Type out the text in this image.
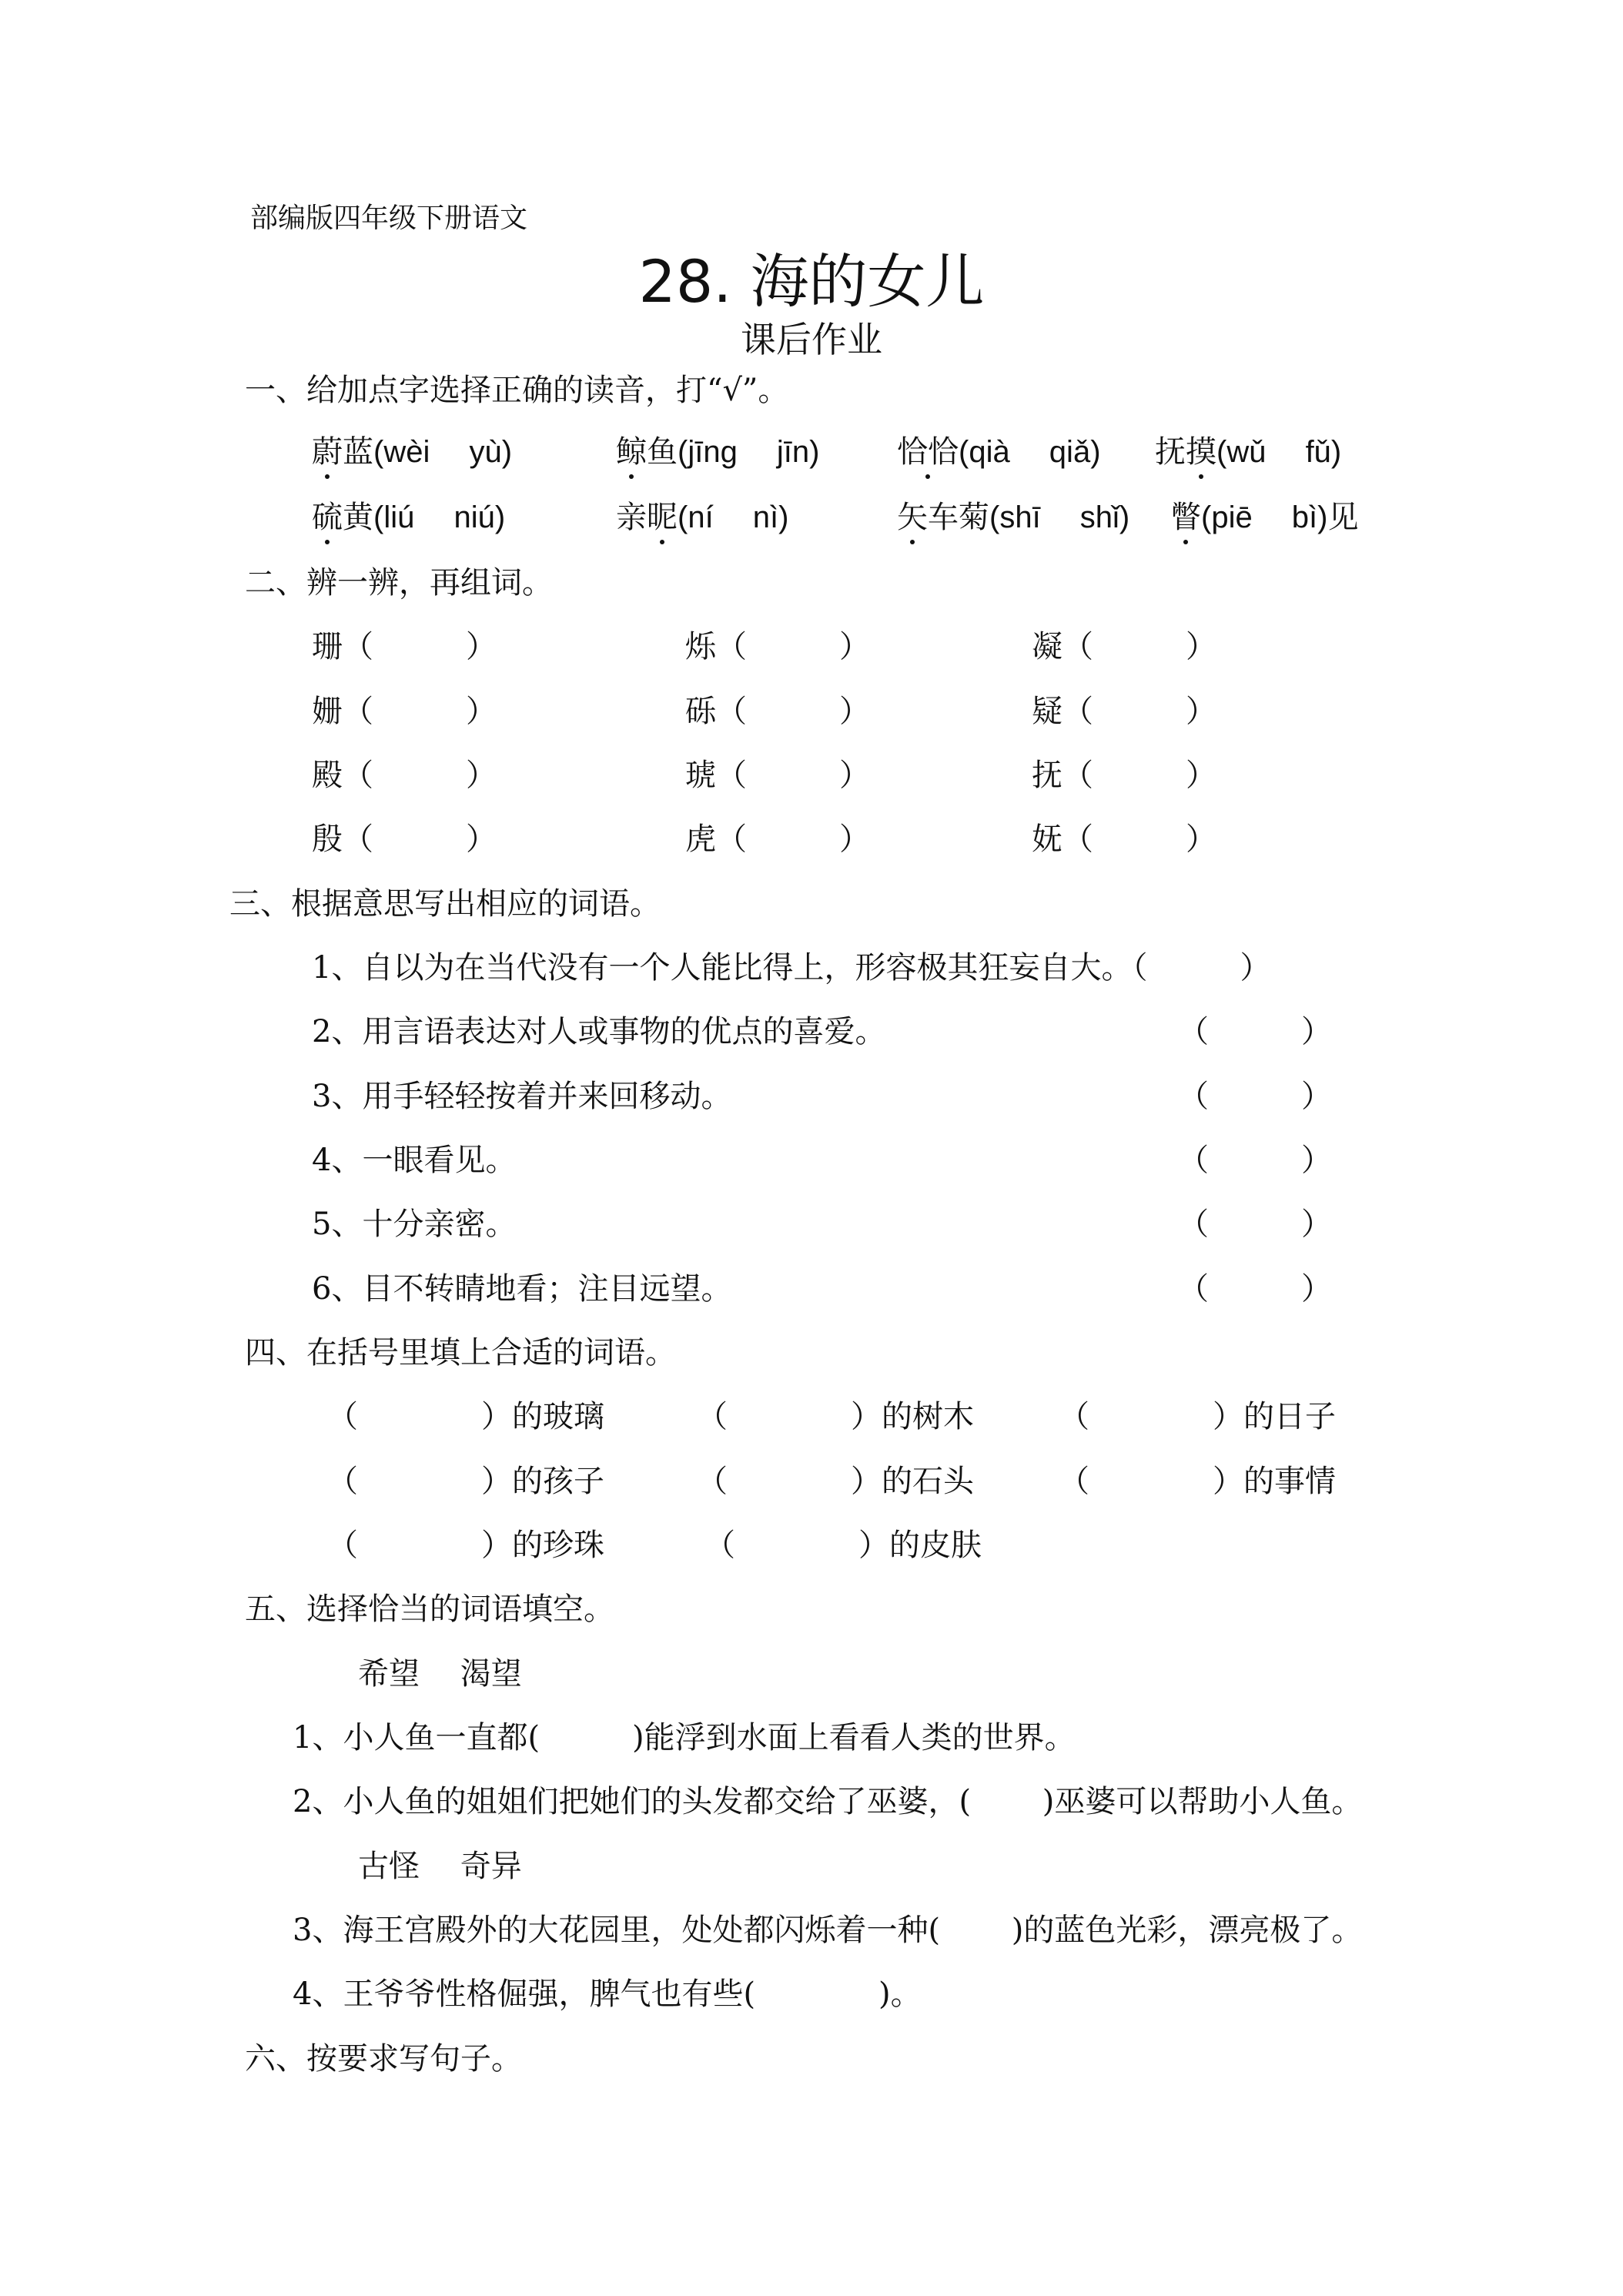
部编版四年级下册语文
28. 海的女儿
课后作业
一、给加点字选择正确的读音，打“√”。
蔚蓝(wèi　 yù)	鲸鱼(jīng　 jīn)	恰恰(qià　 qiǎ) 抚摸(wǔ　 fǔ)
硫黄(liú　 niú)	亲昵(ní　 nì)	矢车菊(shī　 shǐ) 瞥(piē　 bì)见
二、辨一辨，再组词。
珊（　　　）	烁（　　　）	凝（　　　）
姗（　　　）	砾（　　　）	疑（　　　）
殿（　　　）	琥（　　　）	抚（　　　）
殷（　　　）	虎（　　　）	妩（　　　）
三、根据意思写出相应的词语。
1、自以为在当代没有一个人能比得上，形容极其狂妄自大。（　　　）
2、用言语表达对人或事物的优点的喜爱。	（　　　）
3、用手轻轻按着并来回移动。	（　　　）
4、一眼看见。	（　　　）
5、十分亲密。	（　　　）
6、目不转睛地看；注目远望。	（　　　）
四、在括号里填上合适的词语。
（　　　　）的玻璃	（　　　　）的树木	（　　　　）的日子
（　　　　）的孩子	（　　　　）的石头	（　　　　）的事情
（　　　　）的珍珠	（　　　　）的皮肤
五、选择恰当的词语填空。
希望　 渴望
1、小人鱼一直都(　　　)能浮到水面上看看人类的世界。
2、小人鱼的姐姐们把她们的头发都交给了巫婆，(　　 )巫婆可以帮助小人鱼。
古怪　 奇异
3、海王宫殿外的大花园里，处处都闪烁着一种(　　 )的蓝色光彩，漂亮极了。
4、王爷爷性格倔强，脾气也有些(　　　　)。
六、按要求写句子。
